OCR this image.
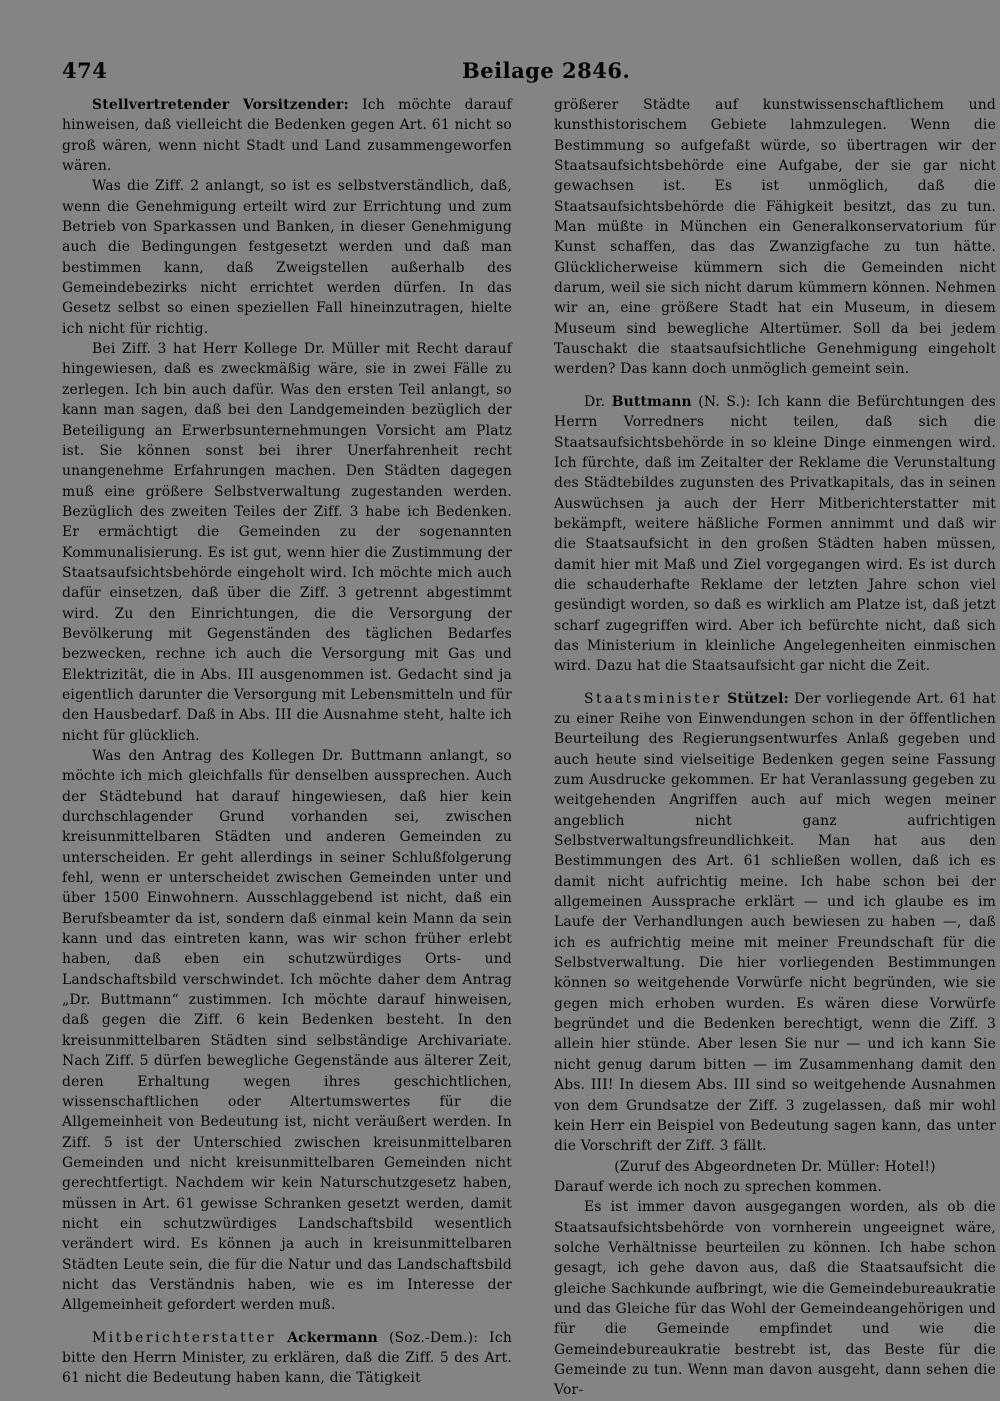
474	Beilage 2846.

Stellvertretender Vorsitzender: Ich möchte darauf hinweisen, daß vielleicht die Bedenken gegen Art. 61 nicht so groß wären, wenn nicht Stadt und Land zusammengeworfen wären.

Was die Ziff. 2 anlangt, so ist es selbstverständlich, daß, wenn die Genehmigung erteilt wird zur Errichtung und zum Betrieb von Sparkassen und Banken, in dieser Genehmigung auch die Bedingungen festgesetzt werden und daß man bestimmen kann, daß Zweigstellen außerhalb des Gemeindebezirks nicht errichtet werden dürfen. In das Gesetz selbst so einen speziellen Fall hineinzutragen, hielte ich nicht für richtig.

Bei Ziff. 3 hat Herr Kollege Dr. Müller mit Recht darauf hingewiesen, daß es zweckmäßig wäre, sie in zwei Fälle zu zerlegen. Ich bin auch dafür. Was den ersten Teil anlangt, so kann man sagen, daß bei den Landgemeinden bezüglich der Beteiligung an Erwerbsunternehmungen Vorsicht am Platz ist. Sie können sonst bei ihrer Unerfahrenheit recht unangenehme Erfahrungen machen. Den Städten dagegen muß eine größere Selbstverwaltung zugestanden werden. Bezüglich des zweiten Teiles der Ziff. 3 habe ich Bedenken. Er ermächtigt die Gemeinden zu der sogenannten Kommunalisierung. Es ist gut, wenn hier die Zustimmung der Staatsaufsichtsbehörde eingeholt wird. Ich möchte mich auch dafür einsetzen, daß über die Ziff. 3 getrennt abgestimmt wird. Zu den Einrichtungen, die die Versorgung der Bevölkerung mit Gegenständen des täglichen Bedarfes bezwecken, rechne ich auch die Versorgung mit Gas und Elektrizität, die in Abs. III ausgenommen ist. Gedacht sind ja eigentlich darunter die Versorgung mit Lebensmitteln und für den Hausbedarf. Daß in Abs. III die Ausnahme steht, halte ich nicht für glücklich.

Was den Antrag des Kollegen Dr. Buttmann anlangt, so möchte ich mich gleichfalls für denselben aussprechen. Auch der Städtebund hat darauf hingewiesen, daß hier kein durchschlagender Grund vorhanden sei, zwischen kreisunmittelbaren Städten und anderen Gemeinden zu unterscheiden. Er geht allerdings in seiner Schlußfolgerung fehl, wenn er unterscheidet zwischen Gemeinden unter und über 1500 Einwohnern. Ausschlaggebend ist nicht, daß ein Berufsbeamter da ist, sondern daß einmal kein Mann da sein kann und das eintreten kann, was wir schon früher erlebt haben, daß eben ein schutzwürdiges Orts- und Landschaftsbild verschwindet. Ich möchte daher dem Antrag „Dr. Buttmann“ zustimmen. Ich möchte darauf hinweisen, daß gegen die Ziff. 6 kein Bedenken besteht. In den kreisunmittelbaren Städten sind selbständige Archivariate. Nach Ziff. 5 dürfen bewegliche Gegenstände aus älterer Zeit, deren Erhaltung wegen ihres geschichtlichen, wissenschaftlichen oder Altertumswertes für die Allgemeinheit von Bedeutung ist, nicht veräußert werden. In Ziff. 5 ist der Unterschied zwischen kreisunmittelbaren Gemeinden und nicht kreisunmittelbaren Gemeinden nicht gerechtfertigt. Nachdem wir kein Naturschutzgesetz haben, müssen in Art. 61 gewisse Schranken gesetzt werden, damit nicht ein schutzwürdiges Landschaftsbild wesentlich verändert wird. Es können ja auch in kreisunmittelbaren Städten Leute sein, die für die Natur und das Landschaftsbild nicht das Verständnis haben, wie es im Interesse der Allgemeinheit gefordert werden muß.

Mitberichterstatter Ackermann (Soz.-Dem.): Ich bitte den Herrn Minister, zu erklären, daß die Ziff. 5 des Art. 61 nicht die Bedeutung haben kann, die Tätigkeit

größerer Städte auf kunstwissenschaftlichem und kunsthistorischem Gebiete lahmzulegen. Wenn die Bestimmung so aufgefaßt würde, so übertragen wir der Staatsaufsichtsbehörde eine Aufgabe, der sie gar nicht gewachsen ist. Es ist unmöglich, daß die Staatsaufsichtsbehörde die Fähigkeit besitzt, das zu tun. Man müßte in München ein Generalkonservatorium für Kunst schaffen, das das Zwanzigfache zu tun hätte. Glücklicherweise kümmern sich die Gemeinden nicht darum, weil sie sich nicht darum kümmern können. Nehmen wir an, eine größere Stadt hat ein Museum, in diesem Museum sind bewegliche Altertümer. Soll da bei jedem Tauschakt die staatsaufsichtliche Genehmigung eingeholt werden? Das kann doch unmöglich gemeint sein.

Dr. Buttmann (N. S.): Ich kann die Befürchtungen des Herrn Vorredners nicht teilen, daß sich die Staatsaufsichtsbehörde in so kleine Dinge einmengen wird. Ich fürchte, daß im Zeitalter der Reklame die Verunstaltung des Städtebildes zugunsten des Privatkapitals, das in seinen Auswüchsen ja auch der Herr Mitberichterstatter mit bekämpft, weitere häßliche Formen annimmt und daß wir die Staatsaufsicht in den großen Städten haben müssen, damit hier mit Maß und Ziel vorgegangen wird. Es ist durch die schauderhafte Reklame der letzten Jahre schon viel gesündigt worden, so daß es wirklich am Platze ist, daß jetzt scharf zugegriffen wird. Aber ich befürchte nicht, daß sich das Ministerium in kleinliche Angelegenheiten einmischen wird. Dazu hat die Staatsaufsicht gar nicht die Zeit.

Staatsminister Stützel: Der vorliegende Art. 61 hat zu einer Reihe von Einwendungen schon in der öffentlichen Beurteilung des Regierungsentwurfes Anlaß gegeben und auch heute sind vielseitige Bedenken gegen seine Fassung zum Ausdrucke gekommen. Er hat Veranlassung gegeben zu weitgehenden Angriffen auch auf mich wegen meiner angeblich nicht ganz aufrichtigen Selbstverwaltungsfreundlichkeit. Man hat aus den Bestimmungen des Art. 61 schließen wollen, daß ich es damit nicht aufrichtig meine. Ich habe schon bei der allgemeinen Aussprache erklärt — und ich glaube es im Laufe der Verhandlungen auch bewiesen zu haben —, daß ich es aufrichtig meine mit meiner Freundschaft für die Selbstverwaltung. Die hier vorliegenden Bestimmungen können so weitgehende Vorwürfe nicht begründen, wie sie gegen mich erhoben wurden. Es wären diese Vorwürfe begründet und die Bedenken berechtigt, wenn die Ziff. 3 allein hier stünde. Aber lesen Sie nur — und ich kann Sie nicht genug darum bitten — im Zusammenhang damit den Abs. III! In diesem Abs. III sind so weitgehende Ausnahmen von dem Grundsatze der Ziff. 3 zugelassen, daß mir wohl kein Herr ein Beispiel von Bedeutung sagen kann, das unter die Vorschrift der Ziff. 3 fällt.

(Zuruf des Abgeordneten Dr. Müller: Hotel!)

Darauf werde ich noch zu sprechen kommen.

Es ist immer davon ausgegangen worden, als ob die Staatsaufsichtsbehörde von vornherein ungeeignet wäre, solche Verhältnisse beurteilen zu können. Ich habe schon gesagt, ich gehe davon aus, daß die Staatsaufsicht die gleiche Sachkunde aufbringt, wie die Gemeindebureaukratie und das Gleiche für das Wohl der Gemeindeangehörigen und für die Gemeinde empfindet und wie die Gemeindebureaukratie bestrebt ist, das Beste für die Gemeinde zu tun. Wenn man davon ausgeht, dann sehen die Vor-
